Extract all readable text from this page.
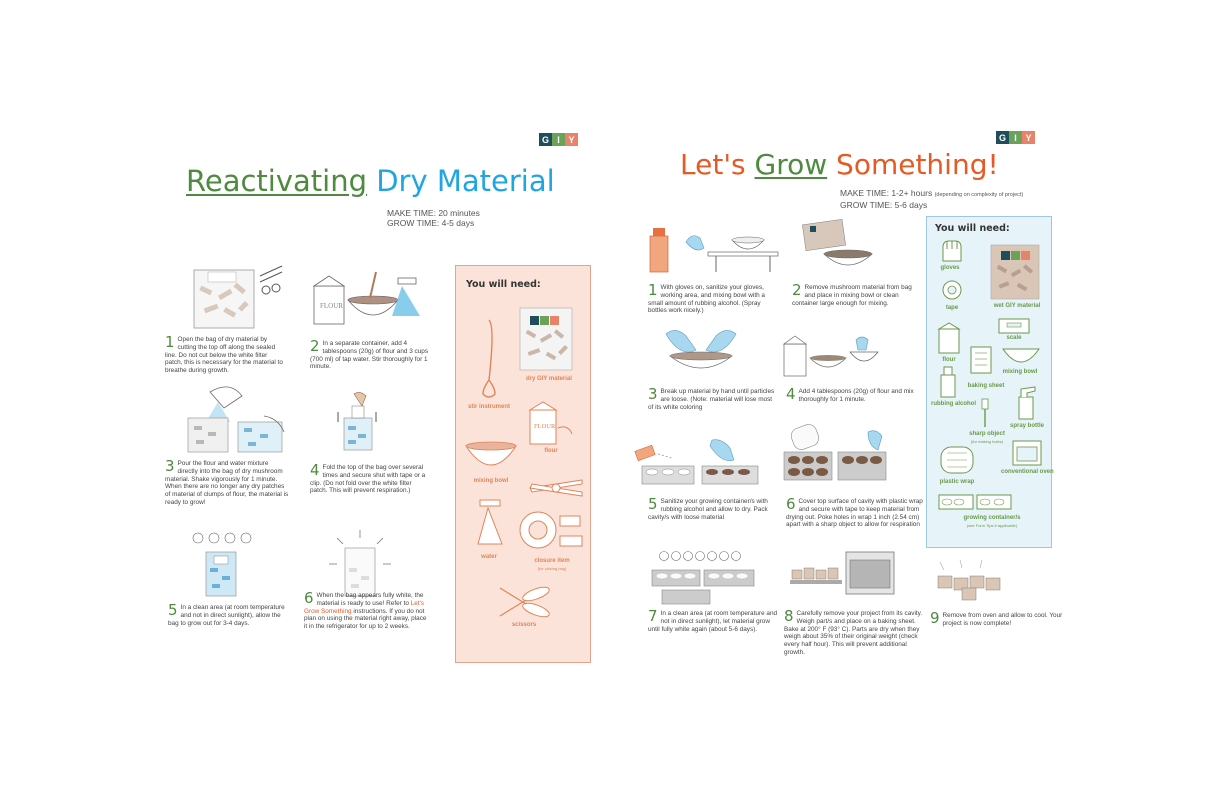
G I Y
Reactivating Dry Material
MAKE TIME: 20 minutes
GROW TIME: 4-5 days
FLOUR
1 Open the bag of dry material by cutting the top off along the sealed line. Do not cut below the white filter patch, this is necessary for the material to breathe during growth.
2 In a separate container, add 4 tablespoons (20g) of flour and 3 cups (700 ml) of tap water. Stir thoroughly for 1 minute.
3 Pour the flour and water mixture directly into the bag of dry mushroom material. Shake vigorously for 1 minute. When there are no longer any dry patches of material of clumps of flour, the material is ready to grow!
4 Fold the top of the bag over several times and secure shut with tape or a clip. (Do not fold over the white filter patch. This will prevent respiration.)
5 In a clean area (at room temperature and not in direct sunlight), allow the bag to grow out for 3-4 days.
6 When the bag appears fully white, the material is ready to use! Refer to Let's Grow Something instructions. If you do not plan on using the material right away, place it in the refrigerator for up to 2 weeks.
You will need:
dry GIY material
stir instrument
FLOUR
flour
mixing bowl
water
closure item
(for closing bag)
scissors
G I Y
Let's Grow Something!
MAKE TIME: 1-2+ hours (depending on complexity of project)
GROW TIME: 5-6 days
1 With gloves on, sanitize your gloves, working area, and mixing bowl with a small amount of rubbing alcohol. (Spray bottles work nicely.)
2 Remove mushroom material from bag and place in mixing bowl or clean container large enough for mixing.
3 Break up material by hand until particles are loose. (Note: material will lose most of its white coloring
4 Add 4 tablespoons (20g) of flour and mix thoroughly for 1 minute.
5 Sanitize your growing container/s with rubbing alcohol and allow to dry. Pack cavity/s with loose material
6 Cover top surface of cavity with plastic wrap and secure with tape to keep material from drying out. Poke holes in wrap 1 inch (2.54 cm) apart with a sharp object to allow for respiration
7 In a clean area (at room temperature and not in direct sunlight), let material grow until fully white again (about 5-6 days).
8 Carefully remove your project from its cavity. Weigh part/s and place on a baking sheet. Bake at 200° F (93° C). Parts are dry when they weigh about 35% of their original weight (check every half hour). This will prevent additional growth.
9 Remove from oven and allow to cool. Your project is now complete!
You will need:
gloves
wet GIY material
tape
scale
flour
mixing bowl
baking sheet
rubbing alcohol
spray bottle
sharp object
(for making holes)
plastic wrap
conventional oven
growing container/s
(see Form Tips if applicable)
